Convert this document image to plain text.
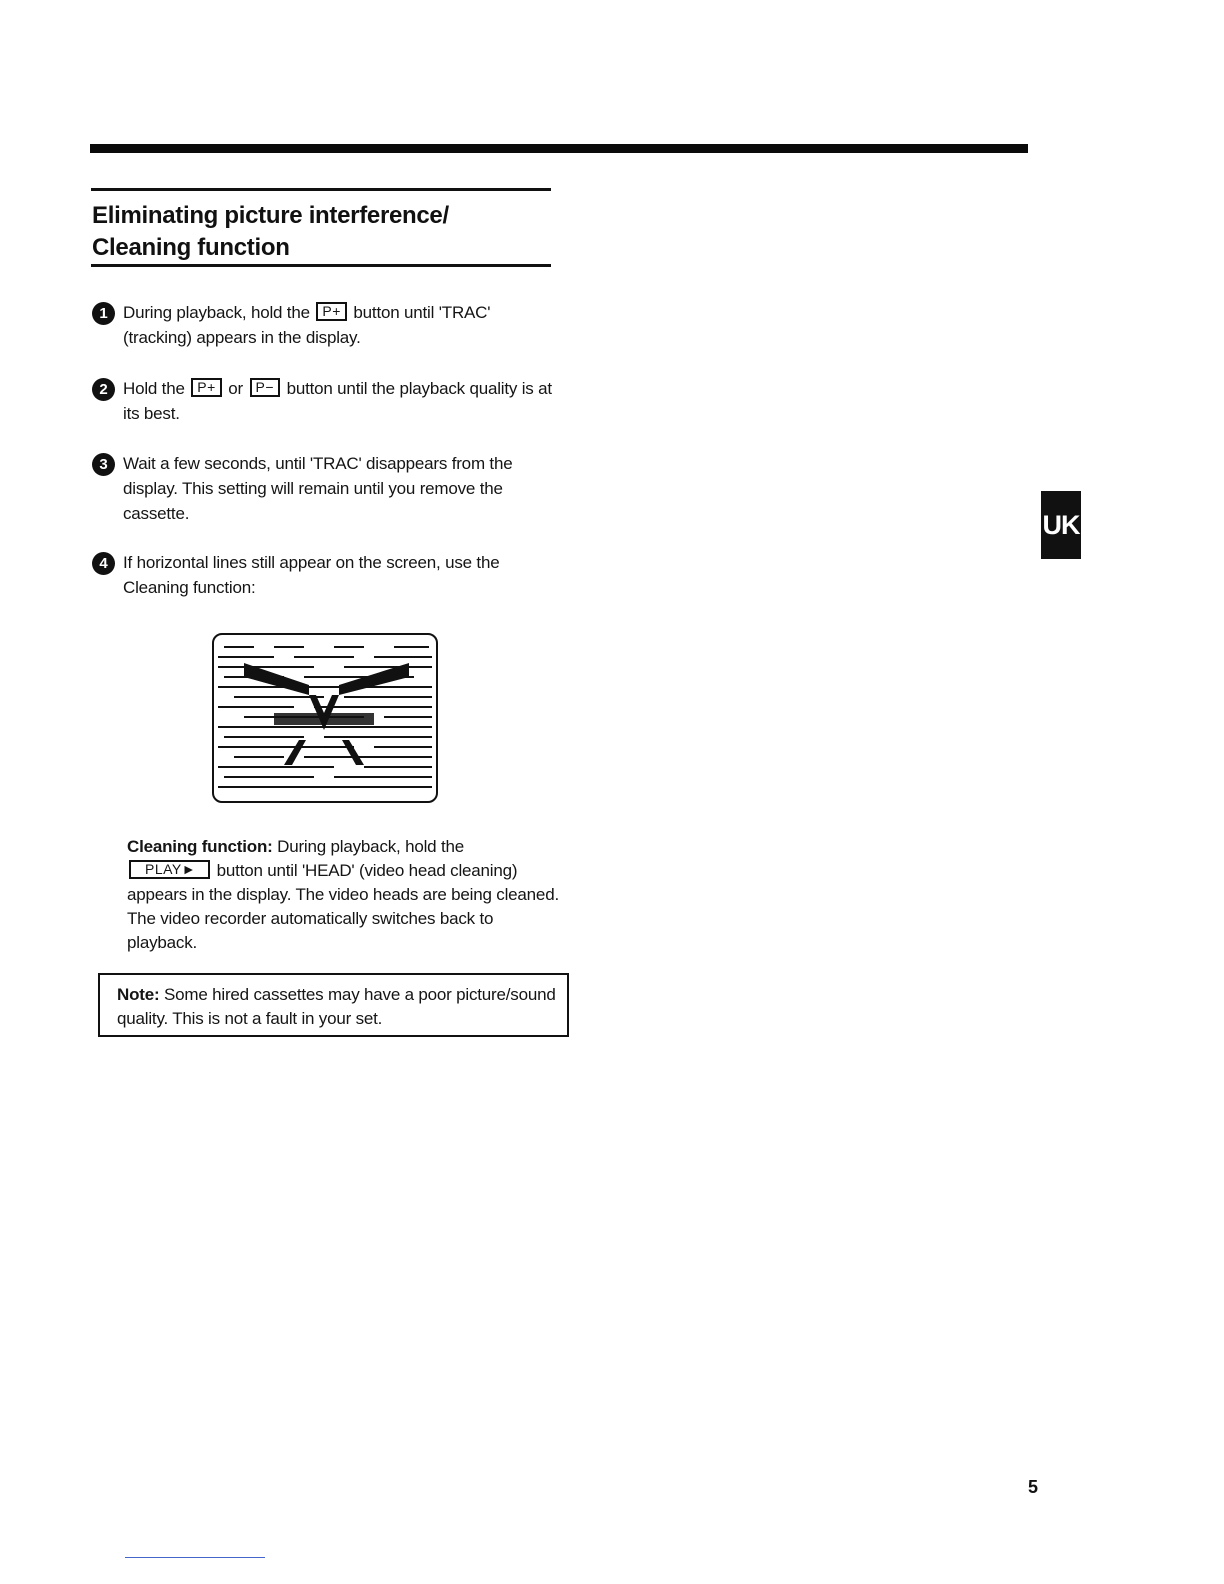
Eliminating picture interference/
Cleaning function
1 During playback, hold the P+ button until 'TRAC' (tracking) appears in the display.
2 Hold the P+ or P− button until the playback quality is at its best.
3 Wait a few seconds, until 'TRAC' disappears from the display. This setting will remain until you remove the cassette.
4 If horizontal lines still appear on the screen, use the Cleaning function:
Cleaning function: During playback, hold the
PLAY► button until 'HEAD' (video head cleaning) appears in the display. The video heads are being cleaned. The video recorder automatically switches back to playback.
Note: Some hired cassettes may have a poor picture/sound quality. This is not a fault in your set.
UK
5
